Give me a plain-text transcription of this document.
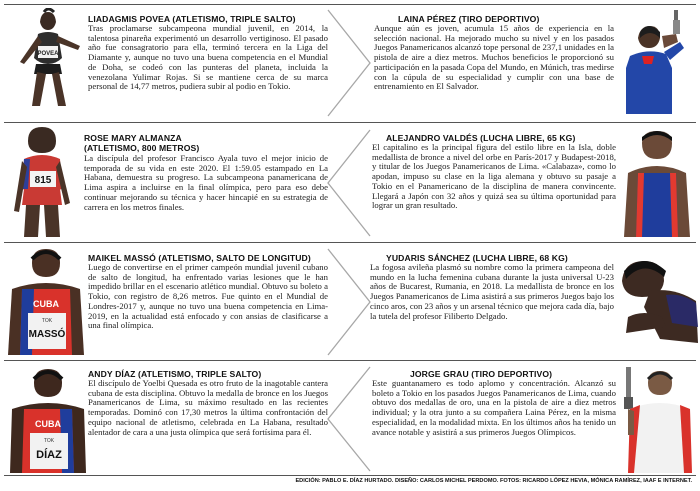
POVEA
LIADAGMIS POVEA (ATLETISMO, TRIPLE SALTO)
Tras proclamarse subcampeona mundial juvenil, en 2014, la talentosa pinareña experimentó un desarrollo vertiginoso. El pasado año fue consagratorio para ella, terminó tercera en la Liga del Diamante y, aunque no tuvo una buena competencia en el Mundial de Doha, se codeó con las punteras del planeta, incluida la venezolana Yulimar Rojas. Si se mantiene cerca de su marca personal de 14,77 metros, pudiera subir al podio en Tokio.
LAINA PÉREZ (TIRO DEPORTIVO)
Aunque aún es joven, acumula 15 años de experiencia en la selección nacional. Ha mejorado mucho su nivel y en los pasados Juegos Panamericanos alcanzó tope personal de 237,1 unidades en la pistola de aire a diez metros. Muchos beneficios le proporcionó su participación en la pasada Copa del Mundo, en Múnich, tras medirse con la cúpula de su especialidad y cumplir con una base de entrenamiento en El Salvador.
815
ROSE MARY ALMANZA
(ATLETISMO, 800 METROS)
La discípula del profesor Francisco Ayala tuvo el mejor inicio de temporada de su vida en este 2020. El 1:59.05 estampado en La Habana, demuestra su progreso. La subcampeona panamericana de Lima aspira a incluirse en la final olímpica, pero para eso debe continuar mejorando su técnica y hacer hincapié en su estrategia de carrera en los metros finales.
ALEJANDRO VALDÉS (LUCHA LIBRE, 65 KG)
El capitalino es la principal figura del estilo libre en la Isla, doble medallista de bronce a nivel del orbe en París-2017 y Budapest-2018, y titular de los Juegos Panamericanos de Lima. «Calabaza», como lo apodan, impuso su clase en la liga alemana y obtuvo su pasaje a Tokio en el Panamericano de la disciplina de manera convincente. Llegará a Japón con 32 años y quizá sea su última oportunidad para lograr un gran resultado.
CUBA
TOK
MASSÓ
MAIKEL MASSÓ (ATLETISMO, SALTO DE LONGITUD)
Luego de convertirse en el primer campeón mundial juvenil cubano de salto de longitud, ha enfrentado varias lesiones que le han impedido brillar en el escenario atlético mundial. Obtuvo su boleto a Tokio, con registro de 8,26 metros. Fue quinto en el Mundial de Londres-2017 y, aunque no tuvo una buena competencia en Lima-2019, en la actualidad está enfocado y con ansias de clasificarse a una final olímpica.
YUDARIS SÁNCHEZ (LUCHA LIBRE, 68 KG)
La fogosa avileña plasmó su nombre como la primera campeona del mundo en la lucha femenina cubana durante la justa universal U-23 años de Bucarest, Rumania, en 2018. La medallista de bronce en los Juegos Panamericanos de Lima asistirá a sus primeros Juegos bajo los cinco aros, con 23 años y un arsenal técnico que mejora cada día, bajo la tutela del profesor Filiberto Delgado.
CUBA
TOK
DÍAZ
ANDY DÍAZ (ATLETISMO, TRIPLE SALTO)
El discípulo de Yoelbi Quesada es otro fruto de la inagotable cantera cubana de esta disciplina. Obtuvo la medalla de bronce en los Juegos Panamericanos de Lima, su máximo resultado en las recientes temporadas. Dominó con 17,30 metros la última confrontación del equipo nacional de atletismo, celebrada en La Habana, resultado alentador de cara a una justa olímpica que será fortísima para él.
JORGE GRAU (TIRO DEPORTIVO)
Este guantanamero es todo aplomo y concentración. Alcanzó su boleto a Tokio en los pasados Juegos Panamericanos de Lima, cuando obtuvo dos medallas de oro, una en la pistola de aire a diez metros individual; y la otra junto a su compañera Laina Pérez, en la misma especialidad, en la modalidad mixta. En los últimos años ha tenido un avance notable y asistirá a sus primeros Juegos Olímpicos.
EDICIÓN: PABLO E. DÍAZ HURTADO. DISEÑO: CARLOS MICHEL PERDOMO. FOTOS: RICARDO LÓPEZ HEVIA, MÓNICA RAMÍREZ, IAAF E INTERNET.
